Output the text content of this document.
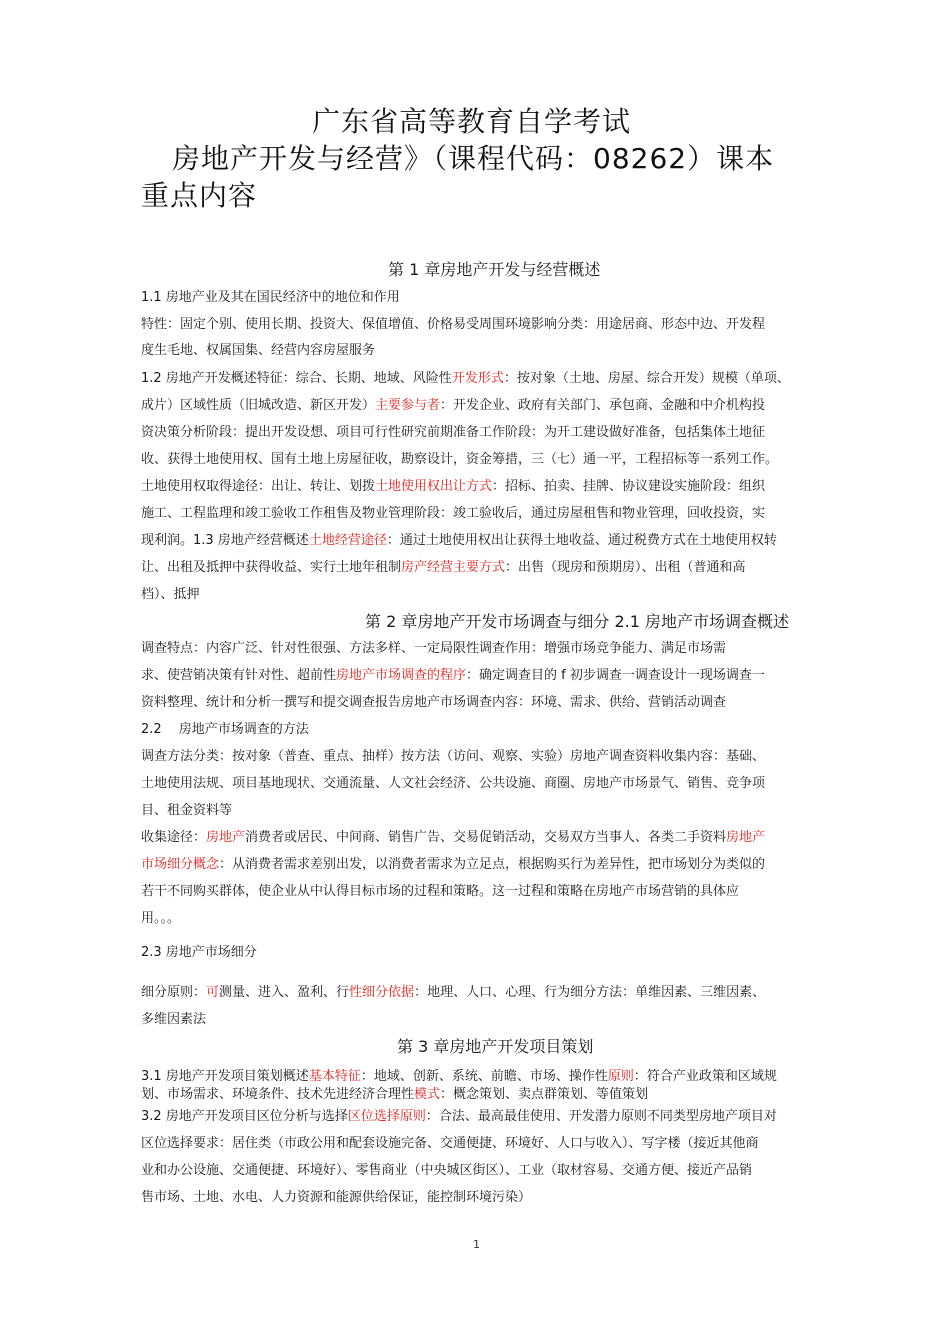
广东省高等教育自学考试
房地产开发与经营》（课程代码：08262）课本
重点内容
第 1 章房地产开发与经营概述
1.1 房地产业及其在国民经济中的地位和作用
特性：固定个别、使用长期、投资大、保值增值、价格易受周围环境影响分类：用途居商、形态中边、开发程
度生毛地、权属国集、经营内容房屋服务
1.2 房地产开发概述特征：综合、长期、地域、风险性开发形式：按对象（土地、房屋、综合开发）规模（单项、
成片）区域性质（旧城改造、新区开发）主要参与者：开发企业、政府有关部门、承包商、金融和中介机构投
资决策分析阶段：提出开发设想、项目可行性研究前期准备工作阶段：为开工建设做好准备，包括集体土地征
收、获得土地使用权、国有土地上房屋征收，勘察设计，资金筹措，三（七）通一平，工程招标等一系列工作。
土地使用权取得途径：出让、转让、划拨土地使用权出让方式：招标、拍卖、挂牌、协议建设实施阶段：组织
施工、工程监理和竣工验收工作租售及物业管理阶段：竣工验收后，通过房屋租售和物业管理，回收投资，实
现利润。1.3 房地产经营概述土地经营途径：通过土地使用权出让获得土地收益、通过税费方式在土地使用权转
让、出租及抵押中获得收益、实行土地年租制房产经营主要方式：出售（现房和预期房）、出租（普通和高
档）、抵押
调查特点：内容广泛、针对性很强、方法多样、一定局限性调查作用：增强市场竞争能力、满足市场需
求、使营销决策有针对性、超前性房地产市场调查的程序：确定调查目的 f 初步调查一调查设计一现场调查一
资料整理、统计和分析一撰写和提交调查报告房地产市场调查内容：环境、需求、供给、营销活动调查
2.2　 房地产市场调查的方法
调查方法分类：按对象（普查、重点、抽样）按方法（访问、观察、实验）房地产调查资料收集内容：基础、
土地使用法规、项目基地现状、交通流量、人文社会经济、公共设施、商圈、房地产市场景气、销售、竞争项
目、租金资料等
收集途径：房地产消费者或居民、中间商、销售广告、交易促销活动，交易双方当事人、各类二手资料房地产
市场细分概念：从消费者需求差别出发，以消费者需求为立足点，根据购买行为差异性，把市场划分为类似的
若干不同购买群体，使企业从中认得目标市场的过程和策略。这一过程和策略在房地产市场营销的具体应
用。。。
2.3 房地产市场细分
细分原则：可测量、进入、盈利、行性细分依据：地理、人口、心理、行为细分方法：单维因素、三维因素、
多维因素法
3.1 房地产开发项目策划概述基本特征：地域、创新、系统、前瞻、市场、操作性原则：符合产业政策和区域规
划、市场需求、环境条件、技术先进经济合理性模式：概念策划、卖点群策划、等值策划
3.2 房地产开发项目区位分析与选择区位选择原则：合法、最高最佳使用、开发潜力原则不同类型房地产项目对
区位选择要求：居住类（市政公用和配套设施完备、交通便捷、环境好、人口与收入）、写字楼（接近其他商
业和办公设施、交通便捷、环境好）、零售商业（中央城区街区）、工业（取材容易、交通方便、接近产品销
售市场、土地、水电、人力资源和能源供给保证，能控制环境污染）
第 2 章房地产开发市场调查与细分 2.1 房地产市场调查概述
第 3 章房地产开发项目策划
1
